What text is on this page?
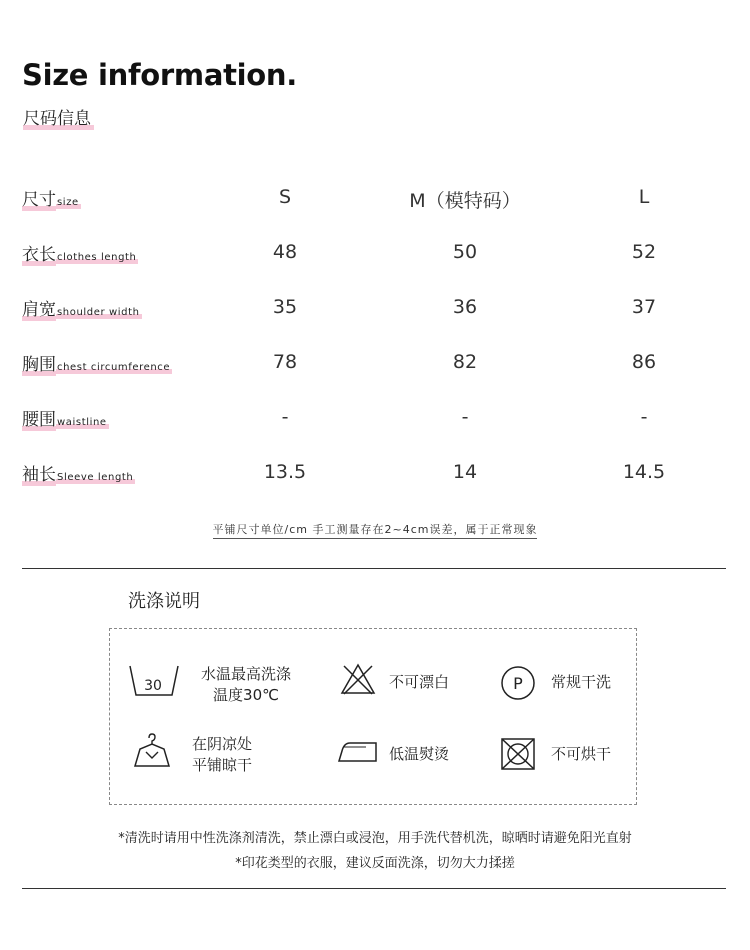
Size information.
尺码信息
尺寸size	S	M（模特码）	L
衣长clothes length	48	50	52
肩宽shoulder width	35	36	37
胸围chest circumference	78	82	86
腰围waistline	-	-	-
袖长Sleeve length	13.5	14	14.5
平铺尺寸单位/cm 手工测量存在2~4cm误差，属于正常现象
洗涤说明
30
水温最高洗涤
温度30℃
不可漂白	P 常规干洗
在阴凉处
平铺晾干
低温熨烫	不可烘干
*清洗时请用中性洗涤剂清洗，禁止漂白或浸泡，用手洗代替机洗，晾晒时请避免阳光直射
*印花类型的衣服，建议反面洗涤，切勿大力揉搓
